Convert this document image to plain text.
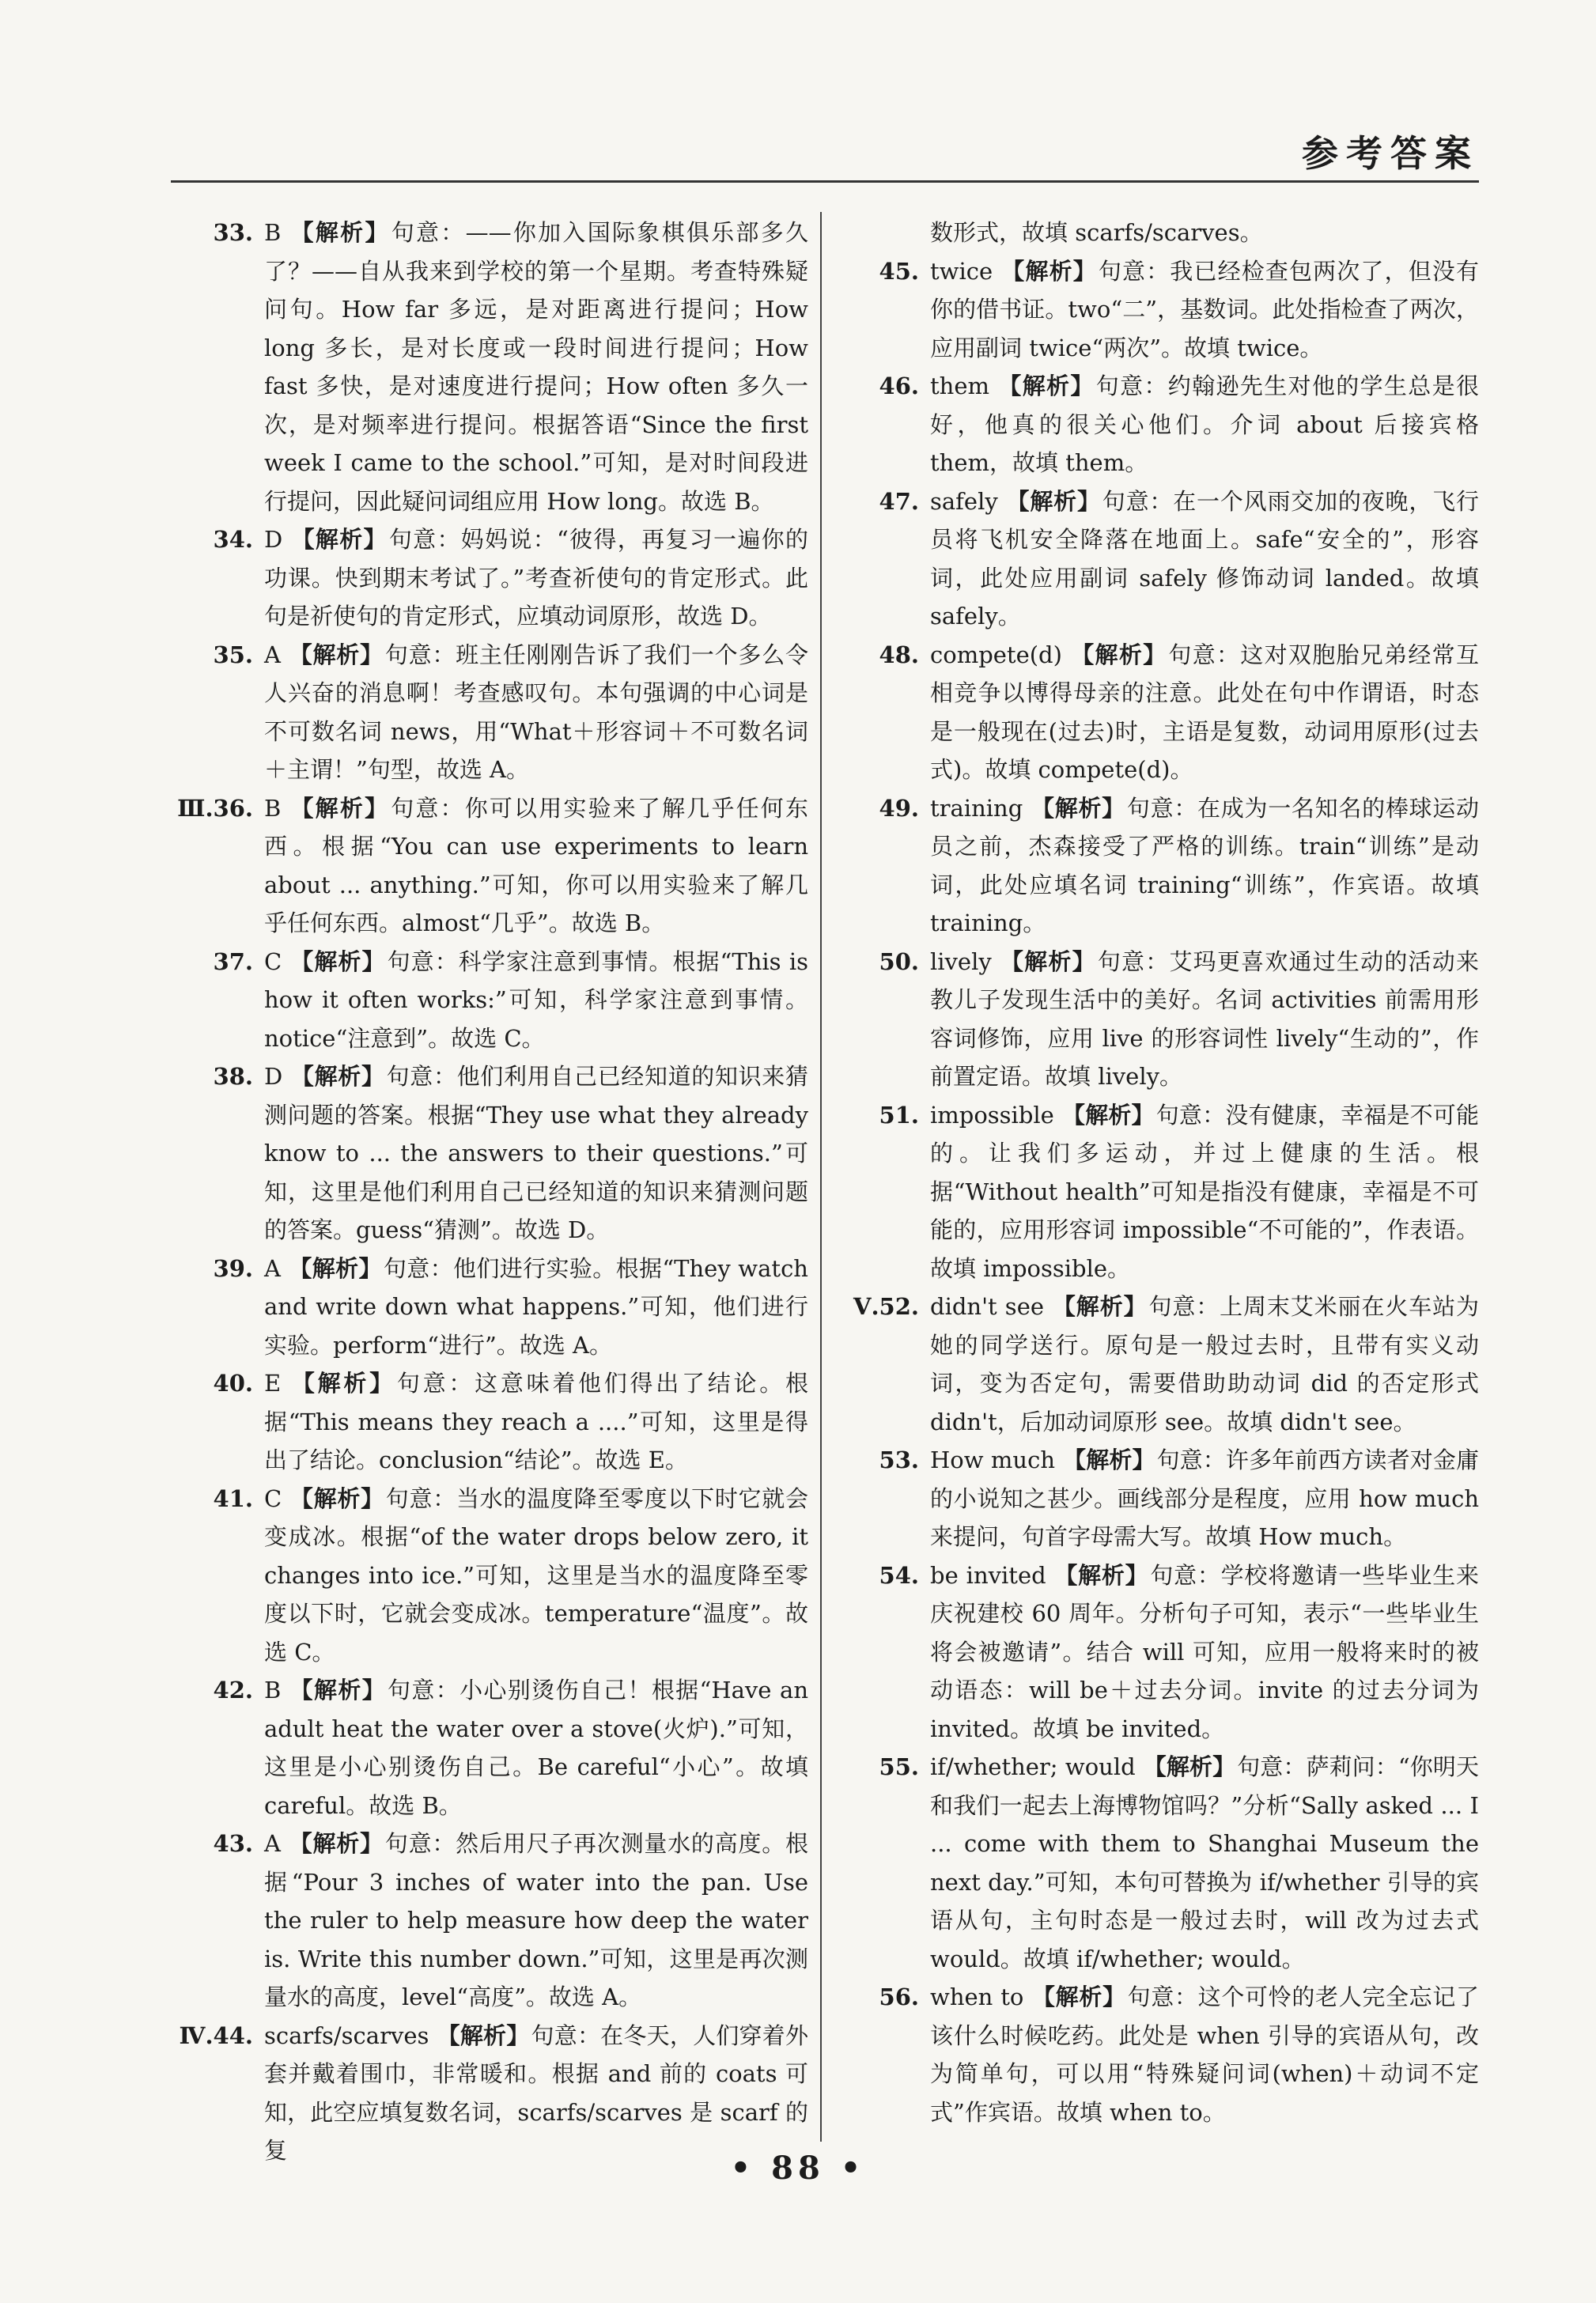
参考答案
33. B 【解析】句意：——你加入国际象棋俱乐部多久了？——自从我来到学校的第一个星期。考查特殊疑问句。How far 多远，是对距离进行提问；How long 多长，是对长度或一段时间进行提问；How fast 多快，是对速度进行提问；How often 多久一次，是对频率进行提问。根据答语“Since the first week I came to the school.”可知，是对时间段进行提问，因此疑问词组应用 How long。故选 B。
34. D 【解析】句意：妈妈说：“彼得，再复习一遍你的功课。快到期末考试了。”考查祈使句的肯定形式。此句是祈使句的肯定形式，应填动词原形，故选 D。
35. A 【解析】句意：班主任刚刚告诉了我们一个多么令人兴奋的消息啊！考查感叹句。本句强调的中心词是不可数名词 news，用“What＋形容词＋不可数名词＋主谓！”句型，故选 A。
Ⅲ.36. B 【解析】句意：你可以用实验来了解几乎任何东西。根据“You can use experiments to learn about ... anything.”可知，你可以用实验来了解几乎任何东西。almost“几乎”。故选 B。
37. C 【解析】句意：科学家注意到事情。根据“This is how it often works:”可知，科学家注意到事情。notice“注意到”。故选 C。
38. D 【解析】句意：他们利用自己已经知道的知识来猜测问题的答案。根据“They use what they already know to ... the answers to their questions.”可知，这里是他们利用自己已经知道的知识来猜测问题的答案。guess“猜测”。故选 D。
39. A 【解析】句意：他们进行实验。根据“They watch and write down what happens.”可知，他们进行实验。perform“进行”。故选 A。
40. E 【解析】句意：这意味着他们得出了结论。根据“This means they reach a ....”可知，这里是得出了结论。conclusion“结论”。故选 E。
41. C 【解析】句意：当水的温度降至零度以下时它就会变成冰。根据“of the water drops below zero, it changes into ice.”可知，这里是当水的温度降至零度以下时，它就会变成冰。temperature“温度”。故选 C。
42. B 【解析】句意：小心别烫伤自己！根据“Have an adult heat the water over a stove(火炉).”可知，这里是小心别烫伤自己。Be careful“小心”。故填 careful。故选 B。
43. A 【解析】句意：然后用尺子再次测量水的高度。根据“Pour 3 inches of water into the pan. Use the ruler to help measure how deep the water is. Write this number down.”可知，这里是再次测量水的高度，level“高度”。故选 A。
Ⅳ.44. scarfs/scarves 【解析】句意：在冬天，人们穿着外套并戴着围巾，非常暖和。根据 and 前的 coats 可知，此空应填复数名词，scarfs/scarves 是 scarf 的复
数形式，故填 scarfs/scarves。
45. twice 【解析】句意：我已经检查包两次了，但没有你的借书证。two“二”，基数词。此处指检查了两次，应用副词 twice“两次”。故填 twice。
46. them 【解析】句意：约翰逊先生对他的学生总是很好，他真的很关心他们。介词 about 后接宾格 them，故填 them。
47. safely 【解析】句意：在一个风雨交加的夜晚，飞行员将飞机安全降落在地面上。safe“安全的”，形容词，此处应用副词 safely 修饰动词 landed。故填 safely。
48. compete(d) 【解析】句意：这对双胞胎兄弟经常互相竞争以博得母亲的注意。此处在句中作谓语，时态是一般现在(过去)时，主语是复数，动词用原形(过去式)。故填 compete(d)。
49. training 【解析】句意：在成为一名知名的棒球运动员之前，杰森接受了严格的训练。train“训练”是动词，此处应填名词 training“训练”，作宾语。故填 training。
50. lively 【解析】句意：艾玛更喜欢通过生动的活动来教儿子发现生活中的美好。名词 activities 前需用形容词修饰，应用 live 的形容词性 lively“生动的”，作前置定语。故填 lively。
51. impossible 【解析】句意：没有健康，幸福是不可能的。让我们多运动，并过上健康的生活。根据“Without health”可知是指没有健康，幸福是不可能的，应用形容词 impossible“不可能的”，作表语。故填 impossible。
Ⅴ.52. didn't see 【解析】句意：上周末艾米丽在火车站为她的同学送行。原句是一般过去时，且带有实义动词，变为否定句，需要借助助动词 did 的否定形式 didn't，后加动词原形 see。故填 didn't see。
53. How much 【解析】句意：许多年前西方读者对金庸的小说知之甚少。画线部分是程度，应用 how much 来提问，句首字母需大写。故填 How much。
54. be invited 【解析】句意：学校将邀请一些毕业生来庆祝建校 60 周年。分析句子可知，表示“一些毕业生将会被邀请”。结合 will 可知，应用一般将来时的被动语态：will be＋过去分词。invite 的过去分词为 invited。故填 be invited。
55. if/whether; would 【解析】句意：萨莉问：“你明天和我们一起去上海博物馆吗？”分析“Sally asked ... I ... come with them to Shanghai Museum the next day.”可知，本句可替换为 if/whether 引导的宾语从句，主句时态是一般过去时，will 改为过去式 would。故填 if/whether; would。
56. when to 【解析】句意：这个可怜的老人完全忘记了该什么时候吃药。此处是 when 引导的宾语从句，改为简单句，可以用“特殊疑问词(when)＋动词不定式”作宾语。故填 when to。
• 88 •
